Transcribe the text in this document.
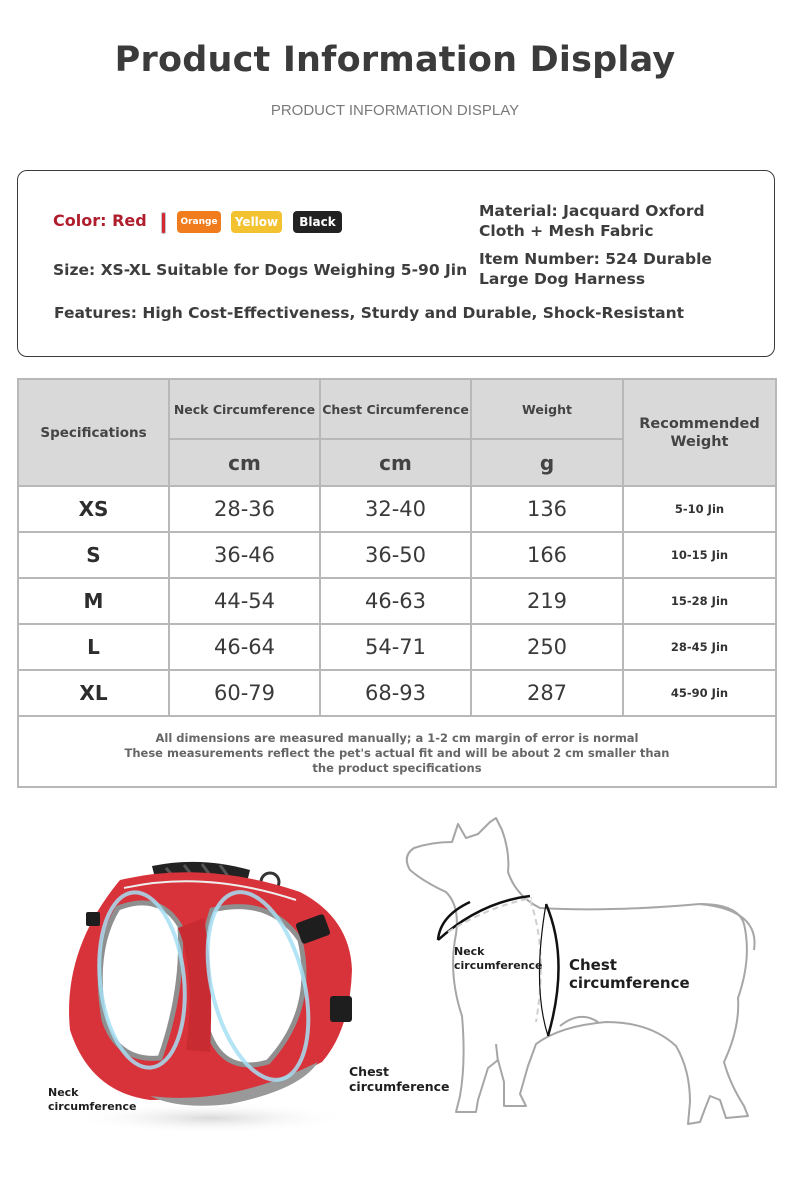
Product Information Display
PRODUCT INFORMATION DISPLAY
Color: Red	Orange	Yellow	Black
Size: XS-XL Suitable for Dogs Weighing 5-90 Jin
Material: Jacquard Oxford Cloth + Mesh Fabric
Item Number: 524 Durable Large Dog Harness
Features: High Cost-Effectiveness, Sturdy and Durable, Shock-Resistant
Specifications	Neck Circumference	Chest Circumference	Weight	Recommended Weight
	cm	cm	g	
XS	28-36	32-40	136	5-10 Jin
S	36-46	36-50	166	10-15 Jin
M	44-54	46-63	219	15-28 Jin
L	46-64	54-71	250	28-45 Jin
XL	60-79	68-93	287	45-90 Jin

All dimensions are measured manually; a 1-2 cm margin of error is normal
These measurements reflect the pet's actual fit and will be about 2 cm smaller than the product specifications				
Neck circumference
Chest circumference
Neck circumference	Chest circumference
